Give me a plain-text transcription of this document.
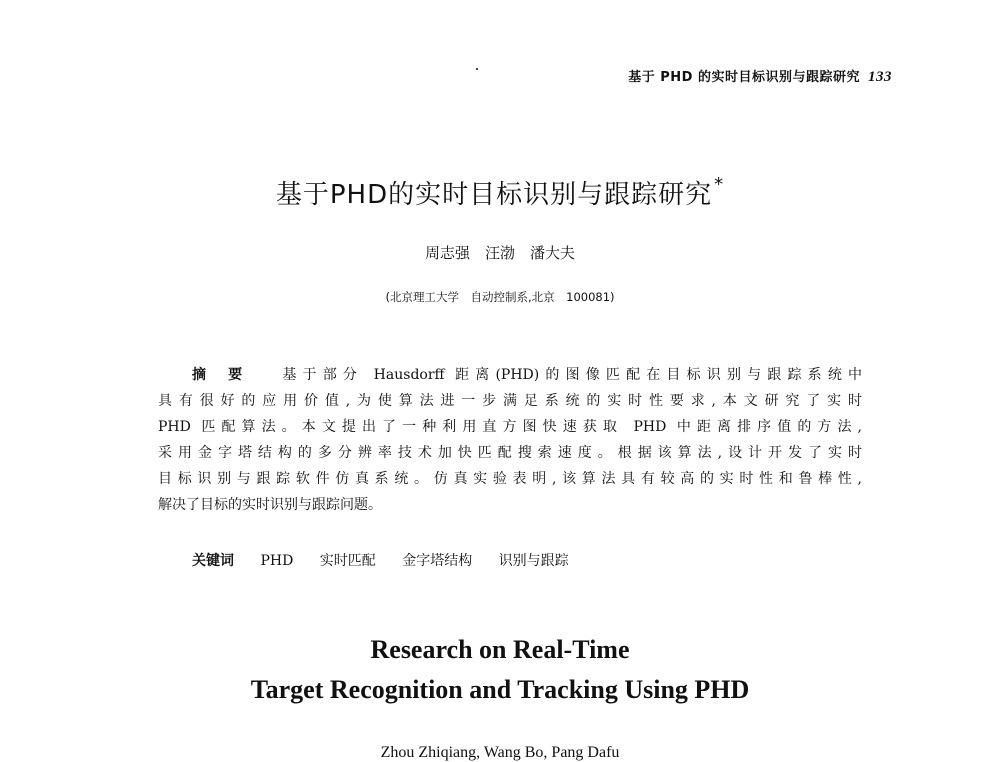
基于 PHD 的实时目标识别与跟踪研究 133
基于PHD的实时目标识别与跟踪研究 *
周志强　汪渤　潘大夫
(北京理工大学　自动控制系,北京　100081)
摘要 基于部分 Hausdorff 距离(PHD)的图像匹配在目标识别与跟踪系统中
具有很好的应用价值,为使算法进一步满足系统的实时性要求,本文研究了实时
PHD 匹配算法。本文提出了一种利用直方图快速获取 PHD 中距离排序值的方法,
采用金字塔结构的多分辨率技术加快匹配搜索速度。根据该算法,设计开发了实时
目标识别与跟踪软件仿真系统。仿真实验表明,该算法具有较高的实时性和鲁棒性,
解决了目标的实时识别与跟踪问题。
关键词 PHD 实时匹配 金字塔结构 识别与跟踪
Research on Real-Time
Target Recognition and Tracking Using PHD
Zhou Zhiqiang, Wang Bo, Pang Dafu
